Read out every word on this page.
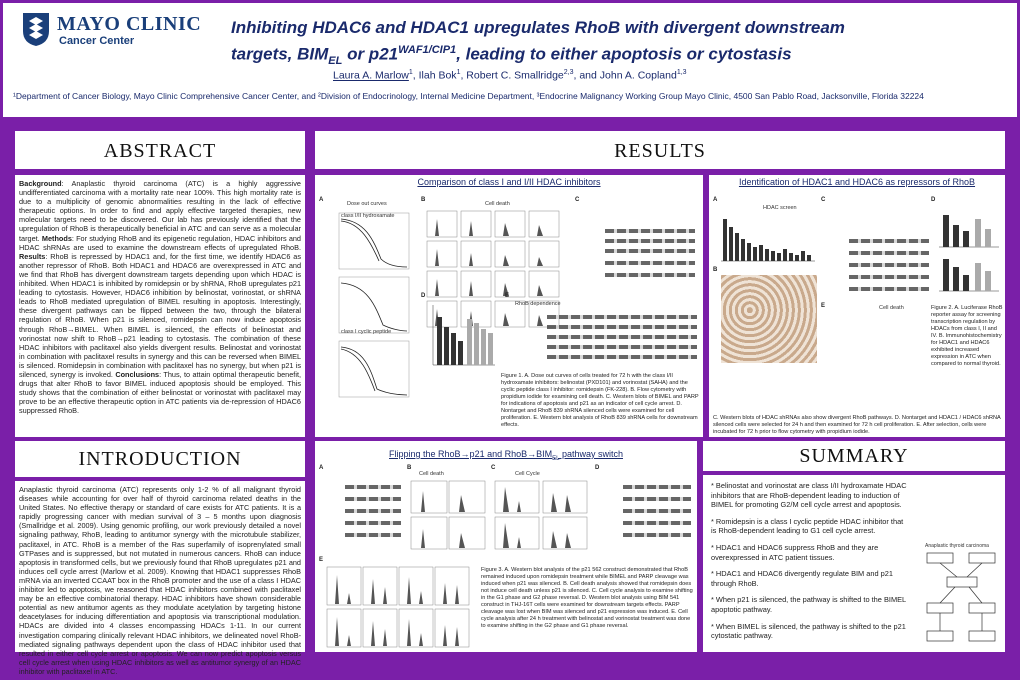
MAYO CLINIC
Cancer Center
Inhibiting HDAC6 and HDAC1 upregulates RhoB with divergent downstream
targets, $BIM_{EL}$ or $p21^{WAF1/CIP1}$, leading to either apoptosis or cytostasis
Laura A. Marlow$^1$, Ilah Bok$^1$, Robert C. Smallridge$^{2,3}$, and John A. Copland$^{1,3}$
¹Department of Cancer Biology, Mayo Clinic Comprehensive Cancer Center, and ²Division of Endocrinology, Internal Medicine Department, ³Endocrine Malignancy Working Group Mayo Clinic, 4500 San Pablo Road, Jacksonville, Florida 32224
ABSTRACT
Background: Anaplastic thyroid carcinoma (ATC) is a highly aggressive undifferentiated carcinoma with a mortality rate near 100%. This high mortality rate is due to a multiplicity of genomic abnormalities resulting in the lack of effective therapeutic options. In order to find and apply effective targeted therapies, new molecular targets need to be discovered. Our lab has previously identified that the upregulation of RhoB is therapeutically beneficial in ATC and can serve as a molecular target. Methods: For studying RhoB and its epigenetic regulation, HDAC inhibitors and HDAC shRNAs are used to examine the downstream effects of upregulated RhoB. Results: RhoB is repressed by HDAC1 and, for the first time, we identify HDAC6 as another repressor of RhoB. Both HDAC1 and HDAC6 are overexpressed in ATC and we find that RhoB has divergent downstream targets depending upon which HDAC is inhibited. When HDAC1 is inhibited by romidepsin or by shRNA, RhoB upregulates p21 leading to cytostasis. However, HDAC6 inhibition by belinostat, vorinostat, or shRNA leads to RhoB mediated upregulation of BIMEL resulting in apoptosis. Interestingly, these divergent pathways can be flipped between the two, through the bilateral regulation of RhoB. When p21 is silenced, romidepsin can now induce apoptosis through RhoB→BIMEL. When BIMEL is silenced, the effects of belinostat and vorinostat now shift to RhoB→p21 leading to cytostasis. The combination of these HDAC inhibitors with paclitaxel also yields divergent results. Belinostat and vorinostat in combination with paclitaxel results in synergy and this can be reversed when BIMEL is silenced. Romidepsin in combination with paclitaxel has no synergy, but when p21 is silenced, synergy is invoked. Conclusions: Thus, to attain optimal therapeutic benefit, drugs that alter RhoB to favor BIMEL induced apoptosis should be employed. This study shows that the combination of either belinostat or vorinostat with paclitaxel may prove to be an effective therapeutic option in ATC patients via de-repression of HDAC6 suppressed RhoB.
INTRODUCTION
Anaplastic thyroid carcinoma (ATC) represents only 1-2 % of all malignant thyroid diseases while accounting for over half of thyroid carcinoma related deaths in the United States. No effective therapy or standard of care exists for ATC patients. It is a rapidly progressing cancer with median survival of 3 – 5 months upon diagnosis (Smallridge et al. 2009). Using genomic profiling, our work previously detailed a novel signaling pathway, RhoB, leading to antitumor synergy with the microtubule stabilizer, paclitaxel, in ATC. RhoB is a member of the Ras superfamily of isoprenylated small GTPases and is suppressed, but not mutated in numerous cancers. RhoB can induce apoptosis in transformed cells, but we previously found that RhoB upregulates p21 and induces cell cycle arrest (Marlow et al. 2009). Knowing that HDAC1 suppresses RhoB mRNA via an inverted CCAAT box in the RhoB promoter and the use of a class I HDAC inhibitor led to apoptosis, we reasoned that HDAC inhibitors combined with paclitaxel may be an effective combinatorial therapy. HDAC inhibitors have shown considerable potential as new antitumor agents as they modulate acetylation by targeting histone deacetylases for inducing differentiation and apoptosis via transcriptional modulation. HDACs are divided into 4 classes encompassing HDACs 1-11. In our current investigation comparing clinically relevant HDAC inhibitors, we delineated novel RhoB-mediated signaling pathways dependent upon the class of HDAC inhibitor used that resulted in either cell cycle arrest or apoptosis. We can now predict apoptosis versus cell cycle arrest when using HDAC inhibitors as well as antitumor synergy of an HDAC inhibitor with paclitaxel in ATC.
RESULTS
Comparison of class I and I/II HDAC inhibitors
A
Dose out curves
class I/II hydroxamate
class I cyclic peptide
B
Cell death
C
D	E
RhoB dependence
Figure 1. A. Dose out curves of cells treated for 72 h with the class I/II hydroxamate inhibitors: belinostat (PXD101) and vorinostat (SAHA) and the cyclic peptide class I inhibitor: romidepsin (FK-228). B. Flow cytometry with propidium iodide for examining cell death. C. Western blots of BIMEL and PARP for indications of apoptosis and p21 as an indicator of cell cycle arrest. D. Nontarget and RhoB 839 shRNA silenced cells were examined for cell proliferation. E. Western blot analysis of RhoB 839 shRNA cells for downstream effects.
Identification of HDAC1 and HDAC6 as repressors of RhoB
A
HDAC screen
B
C	D
E	Cell death	Figure 2. A. Luciferase RhoB reporter assay for screening transcription regulation by HDACs from class I, II and IV. B. Immunohistochemistry for HDAC1 and HDAC6 exhibited increased expression in ATC when compared to normal thyroid.
C. Western blots of HDAC shRNAs also show divergent RhoB pathways. D. Nontarget and HDAC1 / HDAC6 shRNA silenced cells were selected for 24 h and then examined for 72 h cell proliferation. E. After selection, cells were incubated for 72 h prior to flow cytometry with propidium iodide.
Flipping the RhoB→p21 and $RhoB\to BIM_{EL}$ pathway switch
A	B
Cell death
C
Cell Cycle
D
E
Figure 3. A. Western blot analysis of the p21 562 construct demonstrated that RhoB remained induced upon romidepsin treatment while BIMEL and PARP cleavage was induced when p21 was silenced. B. Cell death analysis showed that romidepsin does not induce cell death unless p21 is silenced. C. Cell cycle analysis to examine shifting in the G1 phase and G2 phase reversal. D. Western blot analysis using BIM 541 construct in THJ-16T cells were examined for downstream targets effects. PARP cleavage was lost when BIM was silenced and p21 expression was induced. E. Cell cycle analysis after 24 h treatment with belinostat and vorinostat treatment was done to examine shifting in the G2 phase and G1 phase reversal.
SUMMARY

* Belinostat and vorinostat are class I/II hydroxamate HDAC inhibitors that are RhoB-dependent leading to induction of BIMEL for promoting G2/M cell cycle arrest and apoptosis.

* Romidepsin is a class I cyclic peptide HDAC inhibitor that is RhoB-dependent leading to G1 cell cycle arrest.

* HDAC1 and HDAC6 suppress RhoB and they are overexpressed in ATC patient tissues.

* HDAC1 and HDAC6 divergently regulate BIM and p21 through RhoB.

* When p21 is silenced, the pathway is shifted to the BIMEL apoptotic pathway.

* When BIMEL is silenced, the pathway is shifted to the p21 cytostatic pathway.

Anaplastic thyroid carcinoma
